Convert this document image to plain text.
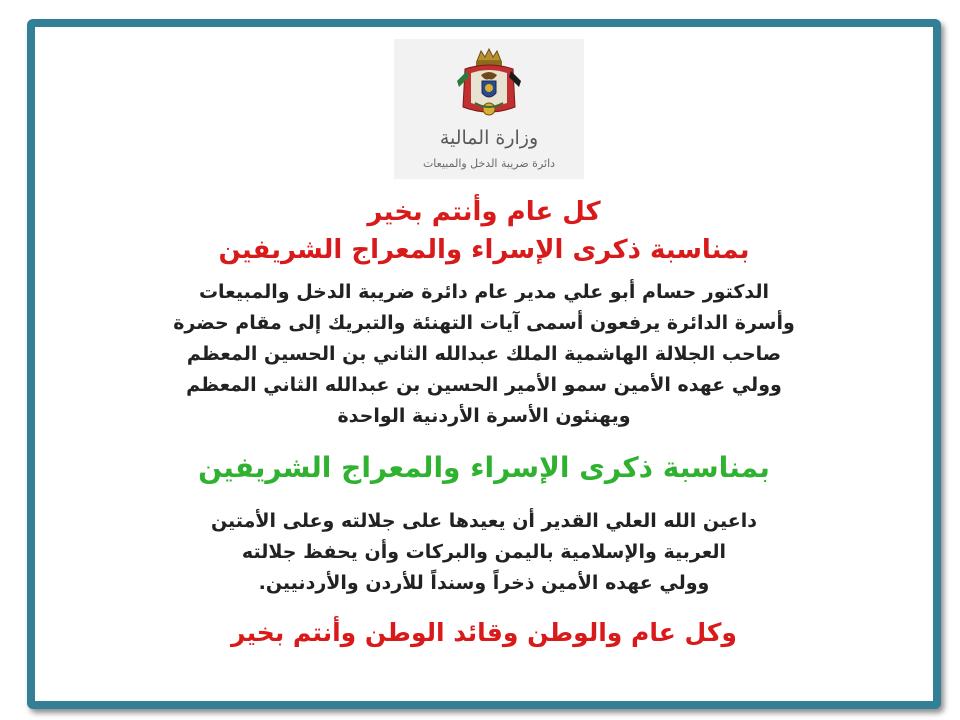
وزارة المالية
دائرة ضريبة الدخل والمبيعات

كل عام وأنتم بخير
بمناسبة ذكرى الإسراء والمعراج الشريفين

الدكتور حسام أبو علي مدير عام دائرة ضريبة الدخل والمبيعات
وأسرة الدائرة يرفعون أسمى آيات التهنئة والتبريك إلى مقام حضرة
صاحب الجلالة الهاشمية الملك عبدالله الثاني بن الحسين المعظم
وولي عهده الأمين سمو الأمير الحسين بن عبدالله الثاني المعظم
ويهنئون الأسرة الأردنية الواحدة

بمناسبة ذكرى الإسراء والمعراج الشريفين

داعين الله العلي القدير أن يعيدها على جلالته وعلى الأمتين
العربية والإسلامية باليمن والبركات وأن يحفظ جلالته
وولي عهده الأمين ذخراً وسنداً للأردن والأردنيين.

وكل عام والوطن وقائد الوطن وأنتم بخير
